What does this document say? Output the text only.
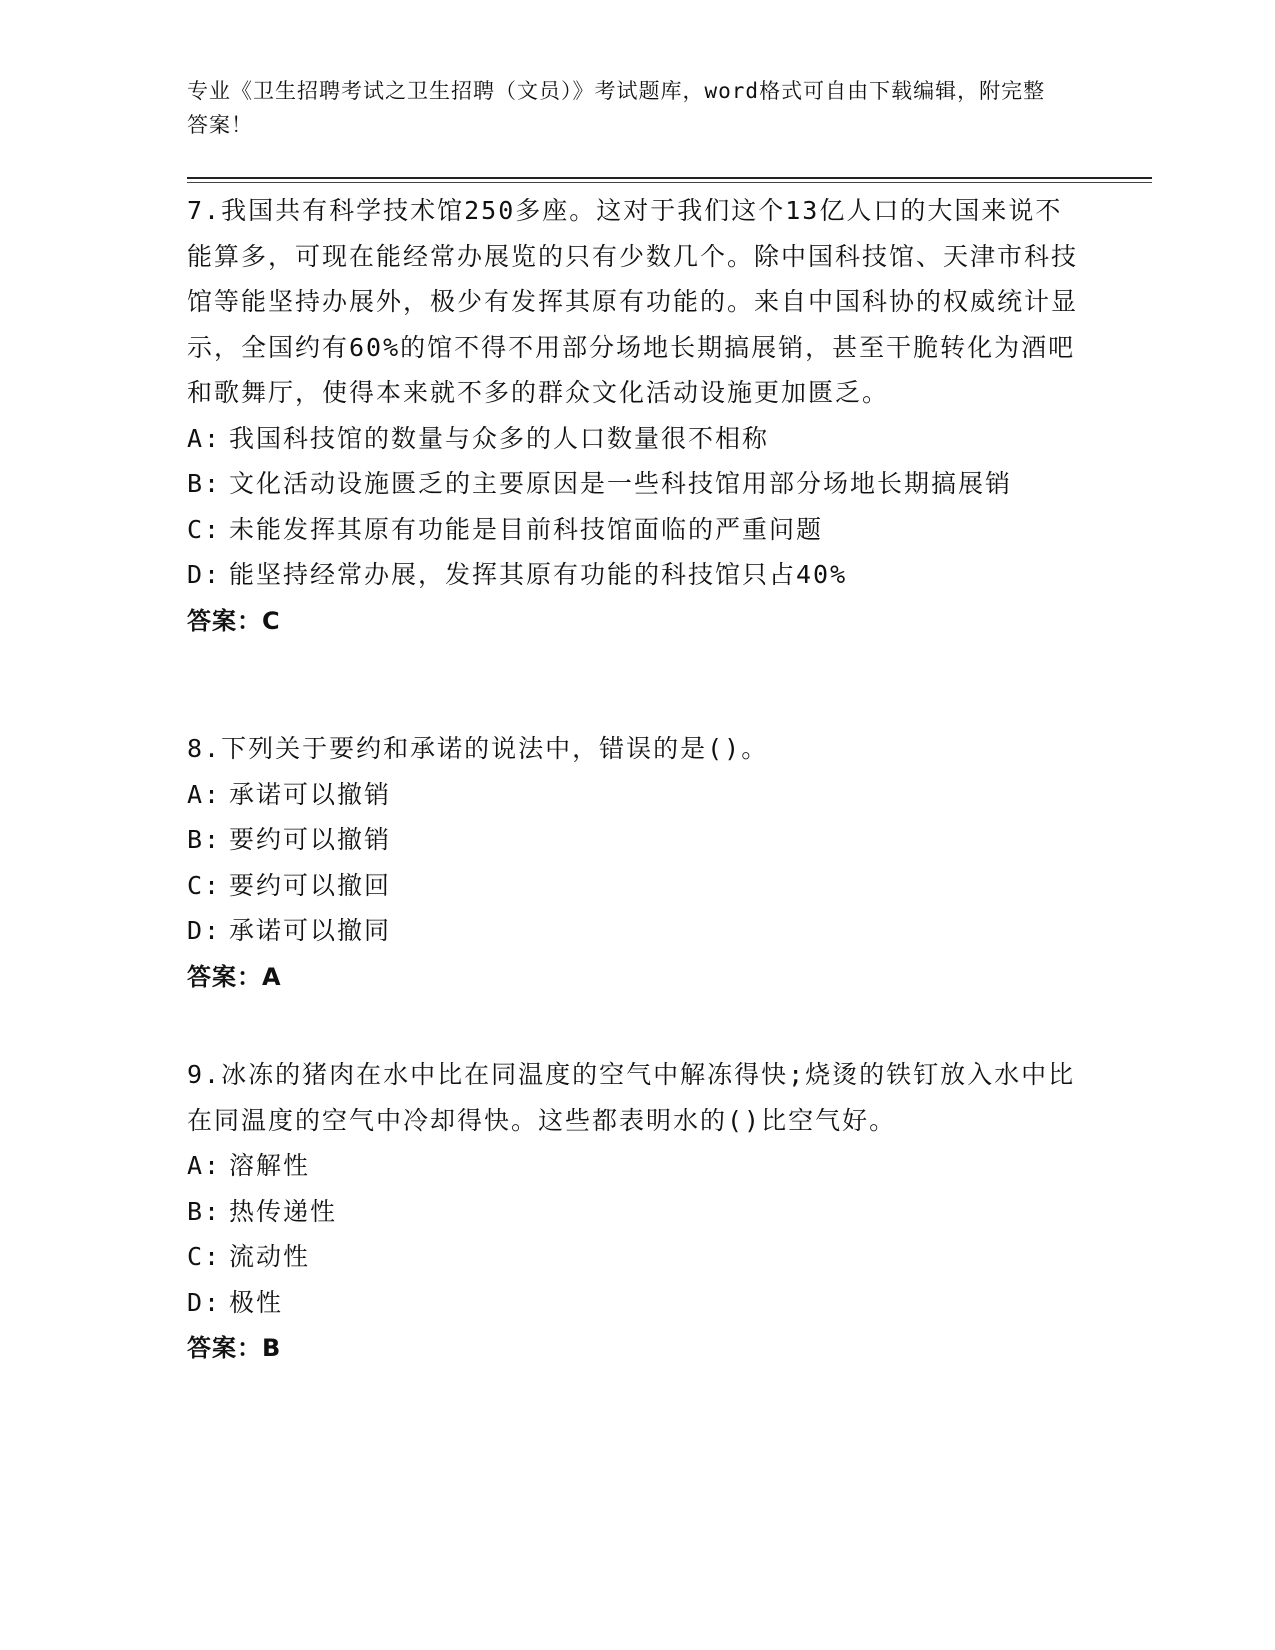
专业《卫生招聘考试之卫生招聘（文员）》考试题库，word格式可自由下载编辑，附完整答案！

7.我国共有科学技术馆250多座。这对于我们这个13亿人口的大国来说不能算多，可现在能经常办展览的只有少数几个。除中国科技馆、天津市科技馆等能坚持办展外，极少有发挥其原有功能的。来自中国科协的权威统计显示，全国约有60%的馆不得不用部分场地长期搞展销，甚至干脆转化为酒吧和歌舞厅，使得本来就不多的群众文化活动设施更加匮乏。

A: 我国科技馆的数量与众多的人口数量很不相称
B: 文化活动设施匮乏的主要原因是一些科技馆用部分场地长期搞展销
C: 未能发挥其原有功能是目前科技馆面临的严重问题
D: 能坚持经常办展，发挥其原有功能的科技馆只占40%
答案：C

8.下列关于要约和承诺的说法中，错误的是()。

A: 承诺可以撤销
B: 要约可以撤销
C: 要约可以撤回
D: 承诺可以撤同
答案：A

9.冰冻的猪肉在水中比在同温度的空气中解冻得快;烧烫的铁钉放入水中比在同温度的空气中冷却得快。这些都表明水的()比空气好。

A: 溶解性
B: 热传递性
C: 流动性
D: 极性
答案：B
